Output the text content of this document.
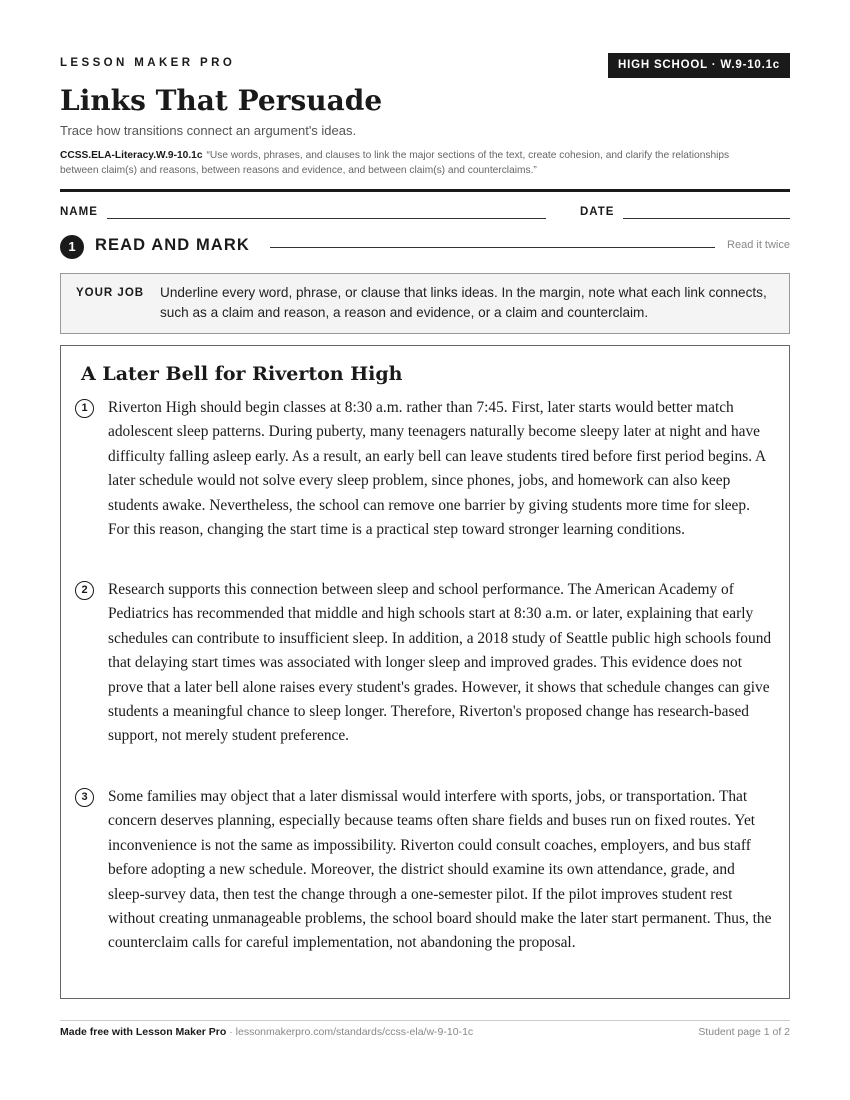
LESSON MAKER PRO	HIGH SCHOOL · W.9-10.1c
Links That Persuade
Trace how transitions connect an argument's ideas.
CCSS.ELA-Literacy.W.9-10.1c “Use words, phrases, and clauses to link the major sections of the text, create cohesion, and clarify the relationships between claim(s) and reasons, between reasons and evidence, and between claim(s) and counterclaims.”
NAME	DATE
1	READ AND MARK	Read it twice
YOUR JOB Underline every word, phrase, or clause that links ideas. In the margin, note what each link connects, such as a claim and reason, a reason and evidence, or a claim and counterclaim.
A Later Bell for Riverton High
1	Riverton High should begin classes at 8:30 a.m. rather than 7:45. First, later starts would better match adolescent sleep patterns. During puberty, many teenagers naturally become sleepy later at night and have difficulty falling asleep early. As a result, an early bell can leave students tired before first period begins. A later schedule would not solve every sleep problem, since phones, jobs, and homework can also keep students awake. Nevertheless, the school can remove one barrier by giving students more time for sleep. For this reason, changing the start time is a practical step toward stronger learning conditions.

2	Research supports this connection between sleep and school performance. The American Academy of Pediatrics has recommended that middle and high schools start at 8:30 a.m. or later, explaining that early schedules can contribute to insufficient sleep. In addition, a 2018 study of Seattle public high schools found that delaying start times was associated with longer sleep and improved grades. This evidence does not prove that a later bell alone raises every student's grades. However, it shows that schedule changes can give students a meaningful chance to sleep longer. Therefore, Riverton's proposed change has research-based support, not merely student preference.

3	Some families may object that a later dismissal would interfere with sports, jobs, or transportation. That concern deserves planning, especially because teams often share fields and buses run on fixed routes. Yet inconvenience is not the same as impossibility. Riverton could consult coaches, employers, and bus staff before adopting a new schedule. Moreover, the district should examine its own attendance, grade, and sleep-survey data, then test the change through a one-semester pilot. If the pilot improves student rest without creating unmanageable problems, the school board should make the later start permanent. Thus, the counterclaim calls for careful implementation, not abandoning the proposal.

Made free with Lesson Maker Pro · lessonmakerpro.com/standards/ccss-ela/w-9-10-1c	Student page 1 of 2
